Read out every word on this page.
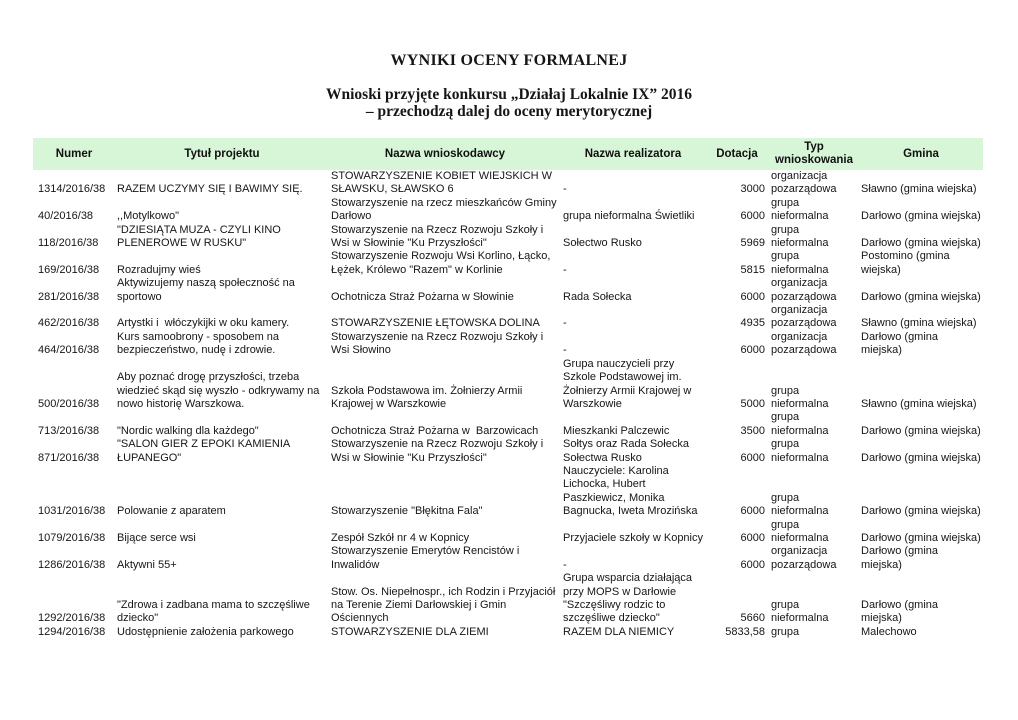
WYNIKI OCENY FORMALNEJ
Wnioski przyjęte konkursu „Działaj Lokalnie IX” 2016
– przechodzą dalej do oceny merytorycznej
Numer	Tytuł projektu	Nazwa wnioskodawcy	Nazwa realizatora	Dotacja	Typ wnioskowania	Gmina
1314/2016/38	RAZEM UCZYMY SIĘ I BAWIMY SIĘ.	STOWARZYSZENIE KOBIET WIEJSKICH W SŁAWSKU, SŁAWSKO 6	-	3000	organizacja pozarządowa	Sławno (gmina wiejska)
40/2016/38	,,Motylkowo"	Stowarzyszenie na rzecz mieszkańców Gminy Darłowo	grupa nieformalna Świetliki	6000	grupa nieformalna	Darłowo (gmina wiejska)
118/2016/38	"DZIESIĄTA MUZA - CZYLI KINO PLENEROWE W RUSKU"	Stowarzyszenie na Rzecz Rozwoju Szkoły i Wsi w Słowinie "Ku Przyszłości"	Sołectwo Rusko	5969	grupa nieformalna	Darłowo (gmina wiejska)
169/2016/38	Rozradujmy wieś	Stowarzyszenie Rozwoju Wsi Korlino, Łącko, Łężek, Królewo "Razem" w Korlinie	-	5815	grupa nieformalna	Postomino (gmina wiejska)
281/2016/38	Aktywizujemy naszą społeczność na sportowo	Ochotnicza Straż Pożarna w Słowinie	Rada Sołecka	6000	organizacja pozarządowa	Darłowo (gmina wiejska)
462/2016/38	Artystki i  włóczykijki w oku kamery.	STOWARZYSZENIE ŁĘTOWSKA DOLINA	-	4935	organizacja pozarządowa	Sławno (gmina wiejska)
464/2016/38	Kurs samoobrony - sposobem na bezpieczeństwo, nudę i zdrowie.	Stowarzyszenie na Rzecz Rozwoju Szkoły i Wsi Słowino	-	6000	organizacja pozarządowa	Darłowo (gmina miejska)
500/2016/38	Aby poznać drogę przyszłości, trzeba wiedzieć skąd się wyszło - odkrywamy na nowo historię Warszkowa.	Szkoła Podstawowa im. Żołnierzy Armii Krajowej w Warszkowie	Grupa nauczycieli przy Szkole Podstawowej im. Żołnierzy Armii Krajowej w Warszkowie	5000	grupa nieformalna	Sławno (gmina wiejska)
713/2016/38	"Nordic walking dla każdego"	Ochotnicza Straż Pożarna w  Barzowicach	Mieszkanki Palczewic	3500	grupa nieformalna	Darłowo (gmina wiejska)
871/2016/38	"SALON GIER Z EPOKI KAMIENIA ŁUPANEGO"	Stowarzyszenie na Rzecz Rozwoju Szkoły i Wsi w Słowinie "Ku Przyszłości"	Sołtys oraz Rada Sołecka Sołectwa Rusko	6000	grupa nieformalna	Darłowo (gmina wiejska)
1031/2016/38	Polowanie z aparatem	Stowarzyszenie "Błękitna Fala"	Nauczyciele: Karolina Lichocka, Hubert Paszkiewicz, Monika Bagnucka, Iweta Mrozińska	6000	grupa nieformalna	Darłowo (gmina wiejska)
1079/2016/38	Bijące serce wsi	Zespół Szkół nr 4 w Kopnicy	Przyjaciele szkoły w Kopnicy	6000	grupa nieformalna	Darłowo (gmina wiejska)
1286/2016/38	Aktywni 55+	Stowarzyszenie Emerytów Rencistów i Inwalidów	-	6000	organizacja pozarządowa	Darłowo (gmina miejska)
1292/2016/38	"Zdrowa i zadbana mama to szczęśliwe dziecko"	Stow. Os. Niepełnospr., ich Rodzin i Przyjaciół na Terenie Ziemi Darłowskiej i Gmin Ościennych	Grupa wsparcia działająca przy MOPS w Darłowie "Szczęśliwy rodzic to szczęśliwe dziecko"	5660	grupa nieformalna	Darłowo (gmina miejska)
1294/2016/38	Udostępnienie założenia parkowego	STOWARZYSZENIE DLA ZIEMI	RAZEM DLA NIEMICY	5833,58	grupa	Malechowo
